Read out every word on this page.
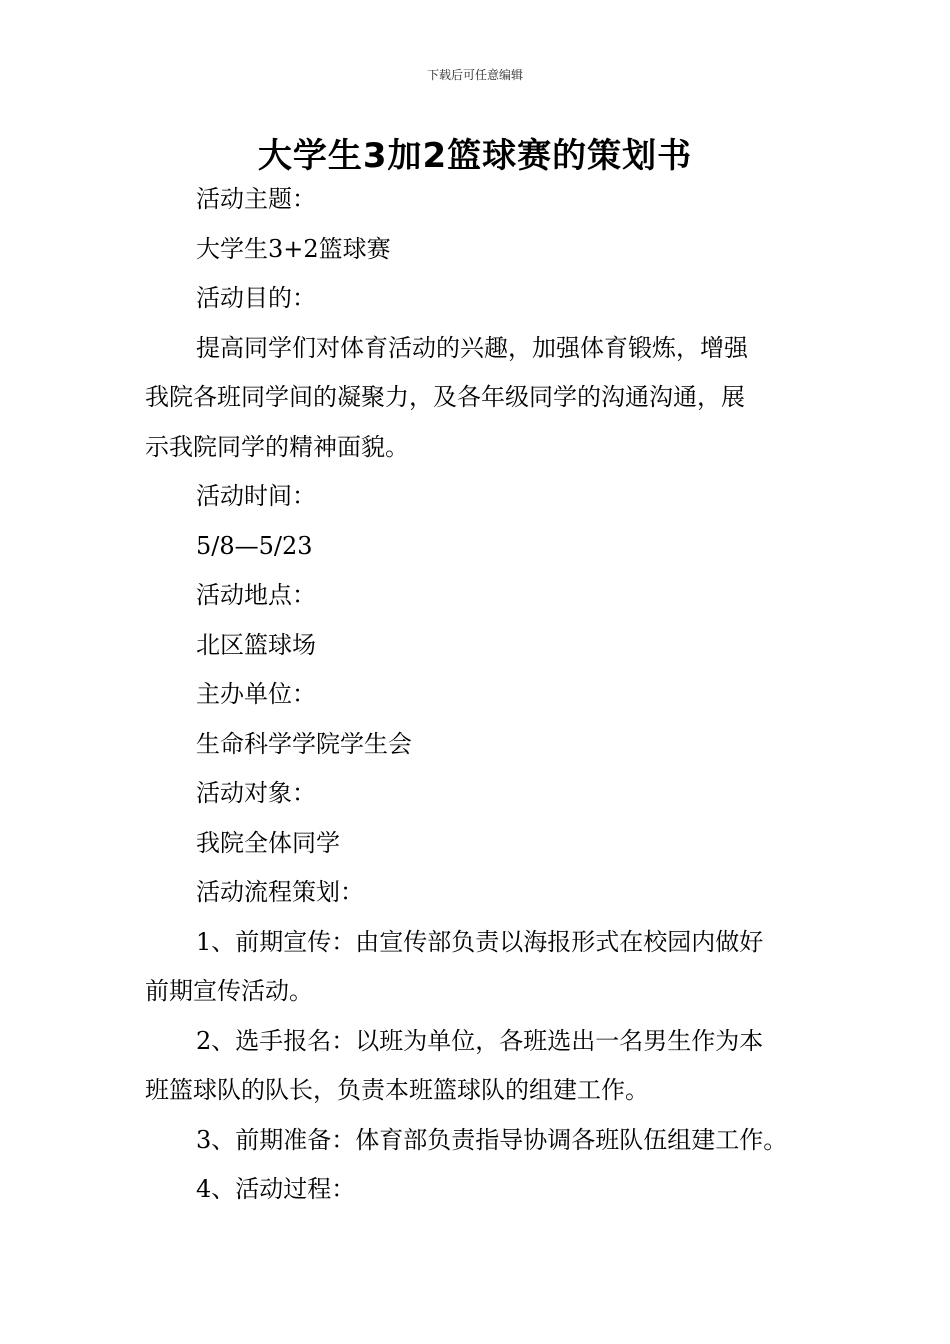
下载后可任意编辑
大学生3加2篮球赛的策划书
活动主题：
大学生3+2篮球赛
活动目的：
提高同学们对体育活动的兴趣，加强体育锻炼，增强
我院各班同学间的凝聚力，及各年级同学的沟通沟通，展
示我院同学的精神面貌。
活动时间：
5/8—5/23
活动地点：
北区篮球场
主办单位：
生命科学学院学生会
活动对象：
我院全体同学
活动流程策划：
1、前期宣传：由宣传部负责以海报形式在校园内做好
前期宣传活动。
2、选手报名：以班为单位，各班选出一名男生作为本
班篮球队的队长，负责本班篮球队的组建工作。
3、前期准备：体育部负责指导协调各班队伍组建工作。
4、活动过程：
